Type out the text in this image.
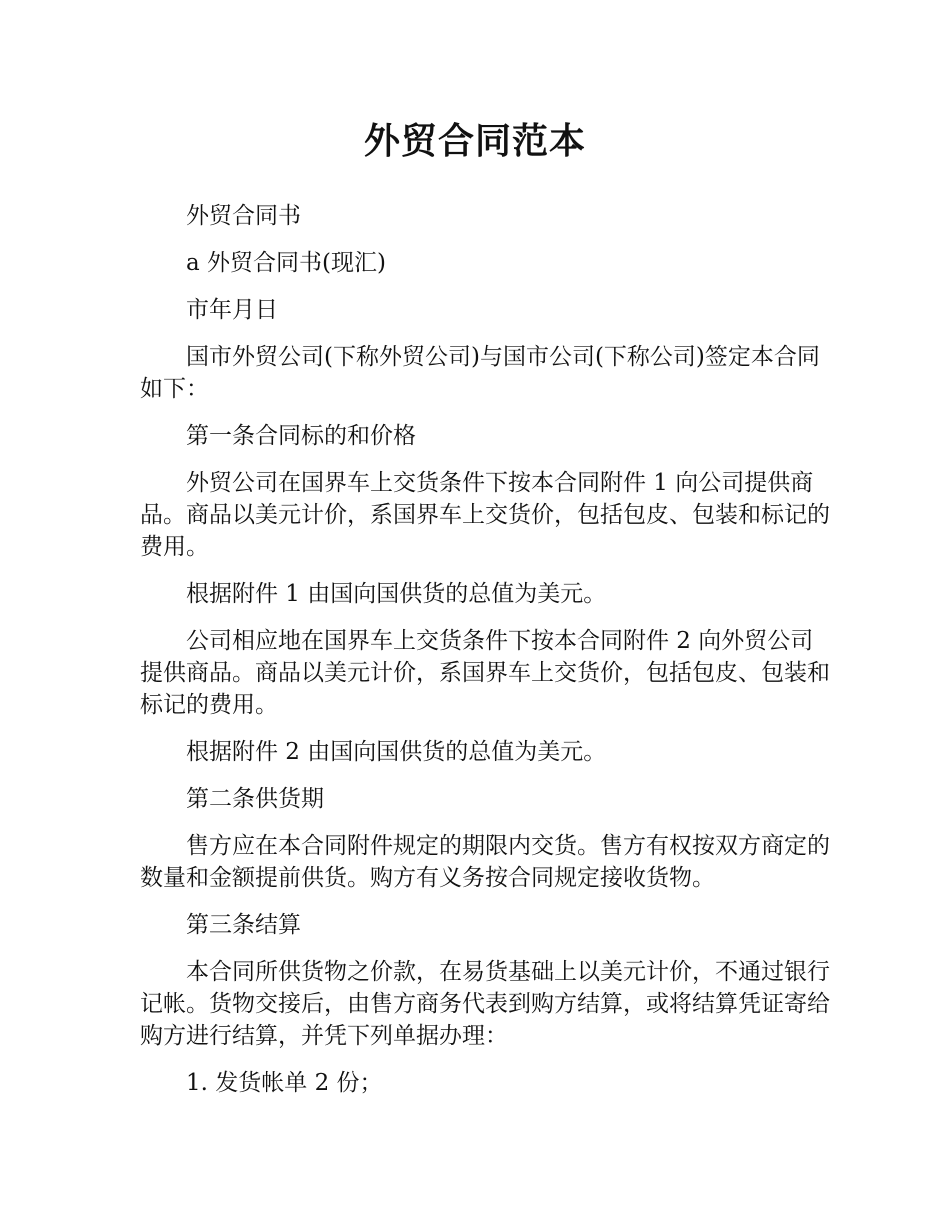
外贸合同范本

外贸合同书

a 外贸合同书(现汇)

市年月日

国市外贸公司(下称外贸公司)与国市公司(下称公司)签定本合同如下：

第一条合同标的和价格

外贸公司在国界车上交货条件下按本合同附件 1 向公司提供商品。商品以美元计价，系国界车上交货价，包括包皮、包装和标记的费用。

根据附件 1 由国向国供货的总值为美元。

公司相应地在国界车上交货条件下按本合同附件 2 向外贸公司提供商品。商品以美元计价，系国界车上交货价，包括包皮、包装和标记的费用。

根据附件 2 由国向国供货的总值为美元。

第二条供货期

售方应在本合同附件规定的期限内交货。售方有权按双方商定的数量和金额提前供货。购方有义务按合同规定接收货物。

第三条结算

本合同所供货物之价款，在易货基础上以美元计价，不通过银行记帐。货物交接后，由售方商务代表到购方结算，或将结算凭证寄给购方进行结算，并凭下列单据办理：

1. 发货帐单 2 份；
